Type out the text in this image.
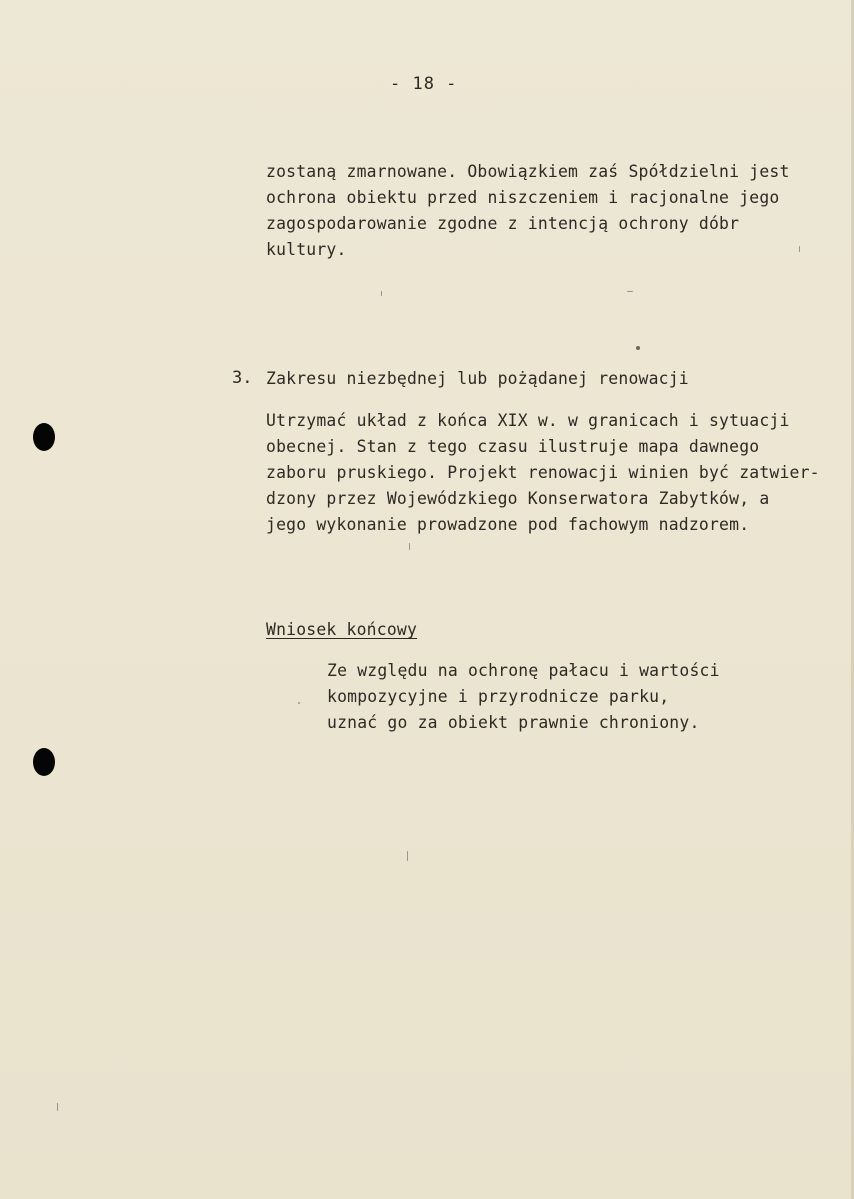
- 18 -
zostaną zmarnowane. Obowiązkiem zaś Spółdzielni jest
ochrona obiektu przed niszczeniem i racjonalne jego
zagospodarowanie zgodne z intencją ochrony dóbr
kultury.
3. Zakresu niezbędnej lub pożądanej renowacji
Utrzymać układ z końca XIX w. w granicach i sytuacji
obecnej. Stan z tego czasu ilustruje mapa dawnego
zaboru pruskiego. Projekt renowacji winien być zatwier-
dzony przez Wojewódzkiego Konserwatora Zabytków, a
jego wykonanie prowadzone pod fachowym nadzorem.
Wniosek końcowy
Ze względu na ochronę pałacu i wartości
kompozycyjne i przyrodnicze parku,
uznać go za obiekt prawnie chroniony.
